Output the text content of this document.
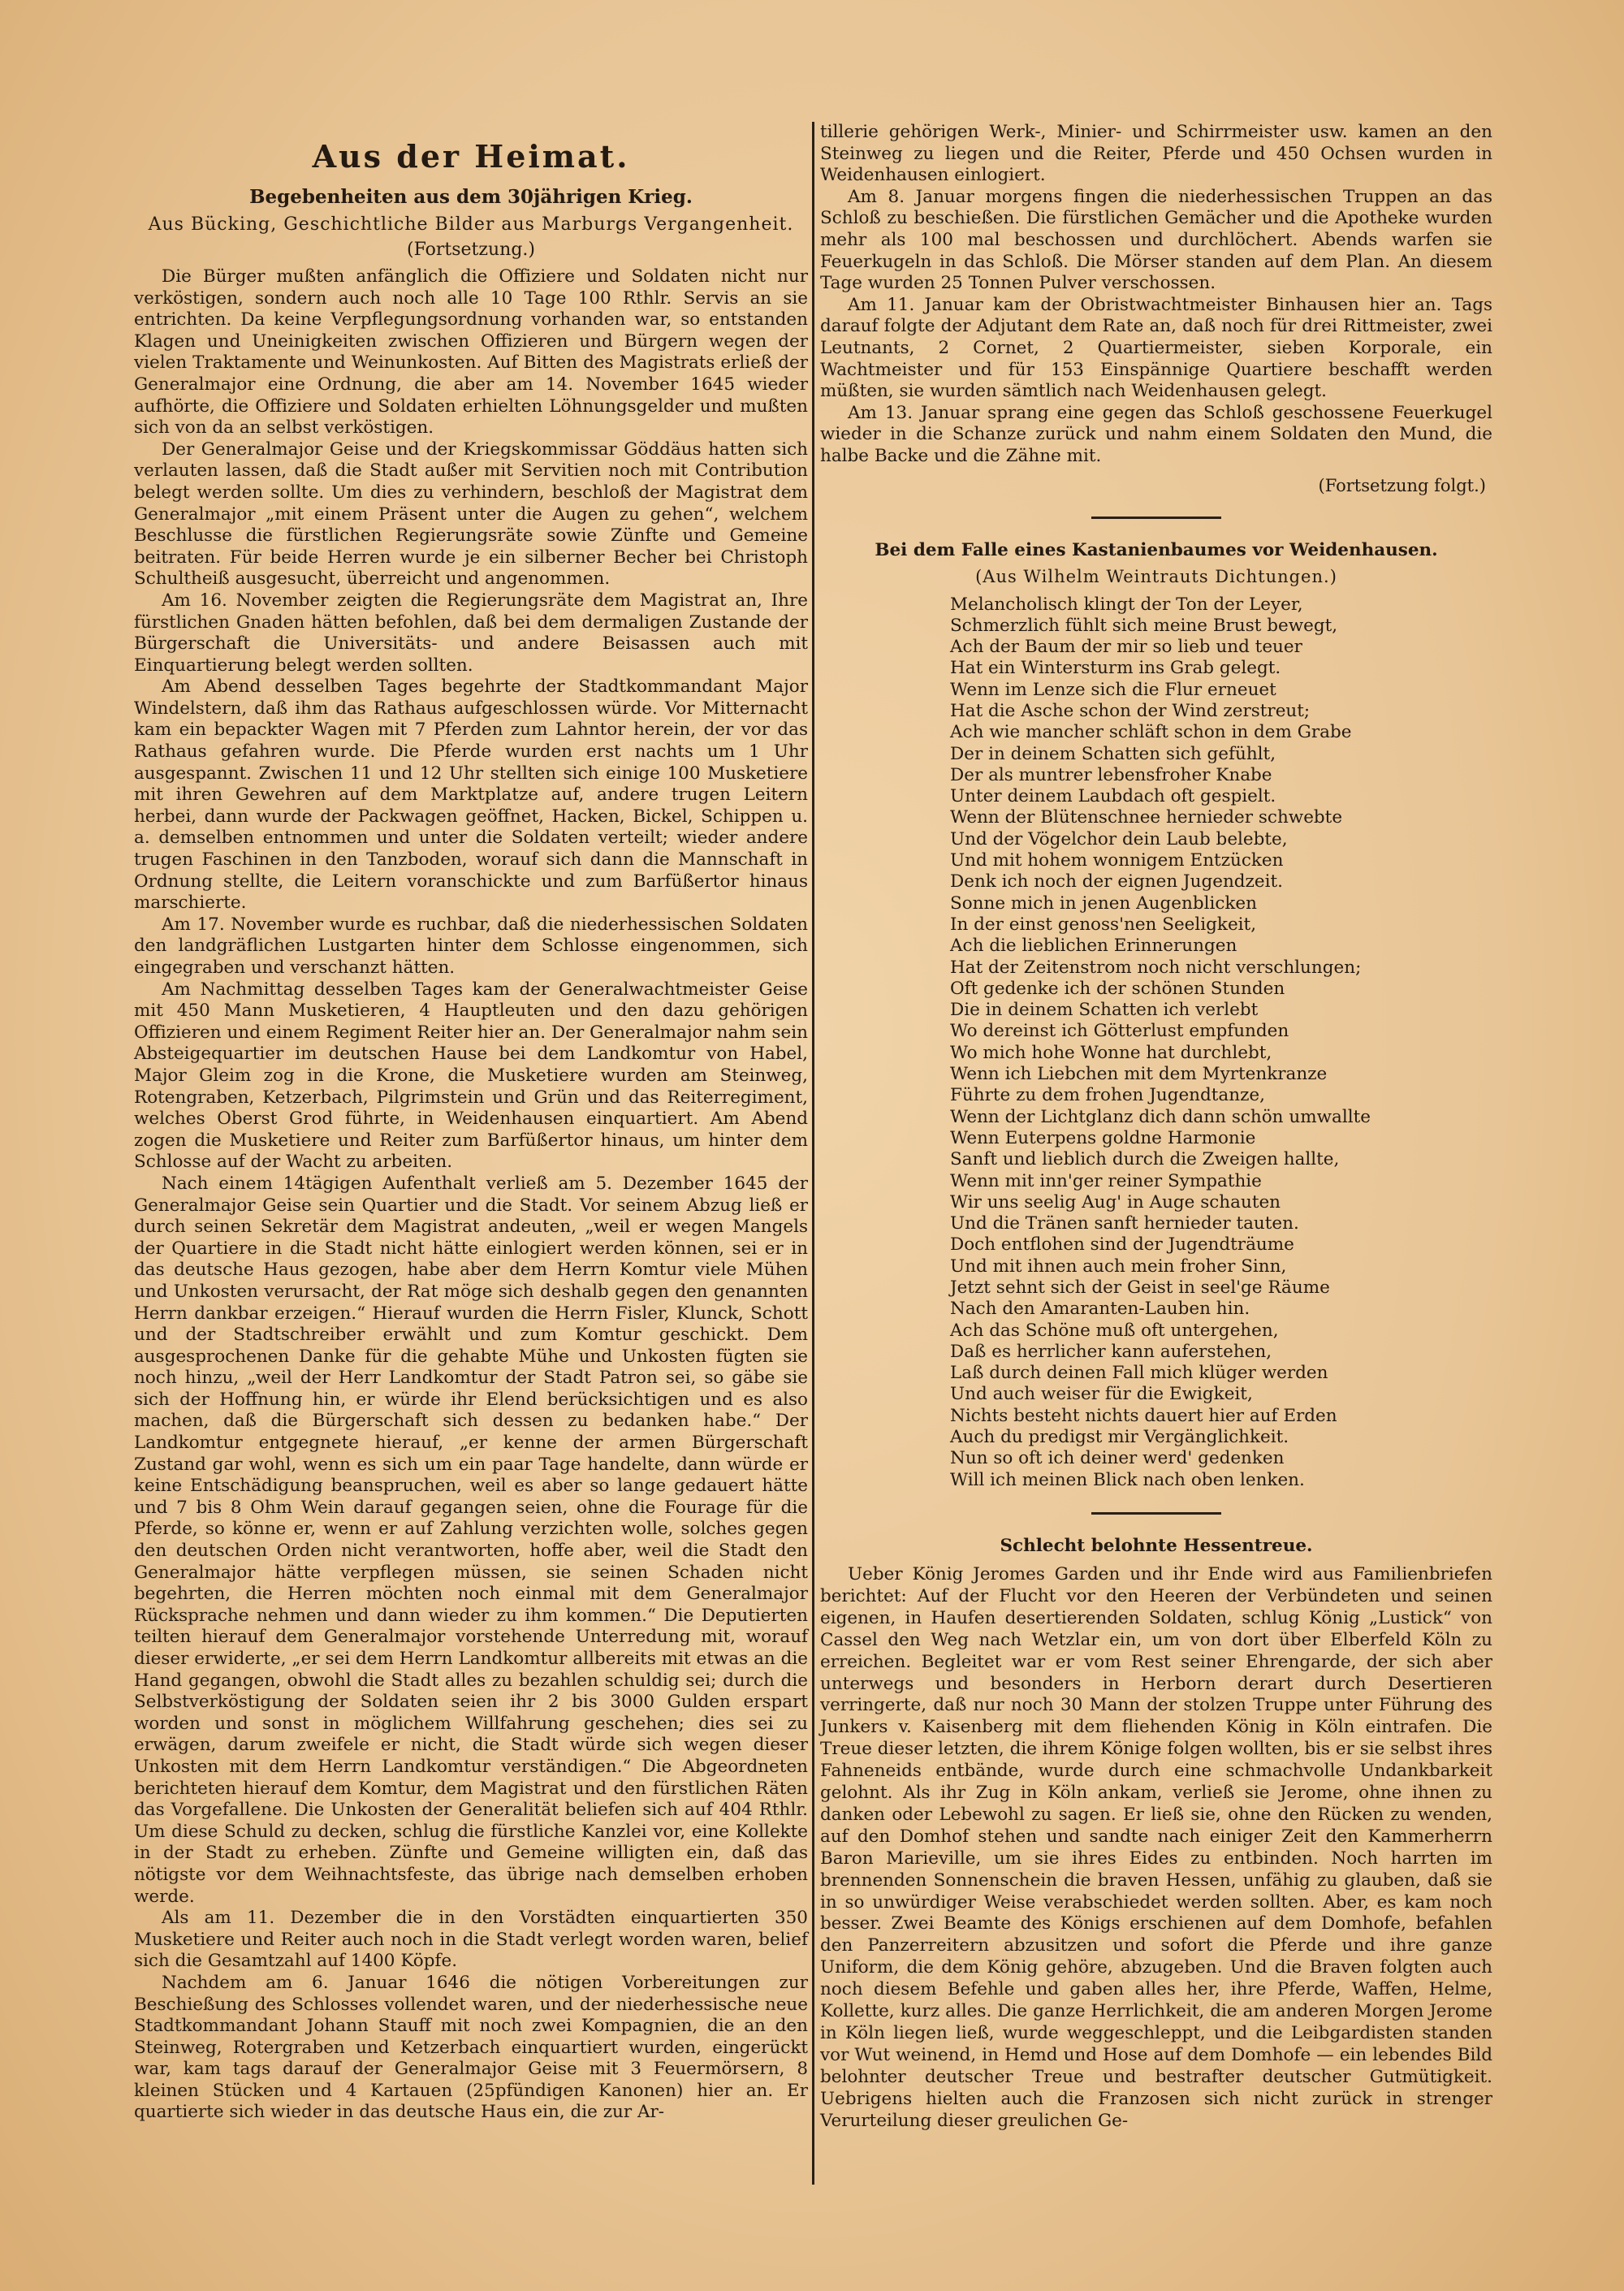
Aus der Heimat.
Begebenheiten aus dem 30jährigen Krieg.
Aus Bücking, Geschichtliche Bilder aus Marburgs Vergangenheit.
(Fortsetzung.)

Die Bürger mußten anfänglich die Offiziere und Soldaten nicht nur verköstigen, sondern auch noch alle 10 Tage 100 Rthlr. Servis an sie entrichten. Da keine Verpflegungsordnung vorhanden war, so entstanden Klagen und Uneinigkeiten zwischen Offizieren und Bürgern wegen der vielen Traktamente und Weinunkosten. Auf Bitten des Magistrats erließ der Generalmajor eine Ordnung, die aber am 14. November 1645 wieder aufhörte, die Offiziere und Soldaten erhielten Löhnungsgelder und mußten sich von da an selbst verköstigen.

Der Generalmajor Geise und der Kriegskommissar Göddäus hatten sich verlauten lassen, daß die Stadt außer mit Servitien noch mit Contribution belegt werden sollte. Um dies zu verhindern, beschloß der Magistrat dem Generalmajor „mit einem Präsent unter die Augen zu gehen“, welchem Beschlusse die fürstlichen Regierungsräte sowie Zünfte und Gemeine beitraten. Für beide Herren wurde je ein silberner Becher bei Christoph Schultheiß ausgesucht, überreicht und angenommen.

Am 16. November zeigten die Regierungsräte dem Magistrat an, Ihre fürstlichen Gnaden hätten befohlen, daß bei dem dermaligen Zustande der Bürgerschaft die Universitäts- und andere Beisassen auch mit Einquartierung belegt werden sollten.

Am Abend desselben Tages begehrte der Stadtkommandant Major Windelstern, daß ihm das Rathaus aufgeschlossen würde. Vor Mitternacht kam ein bepackter Wagen mit 7 Pferden zum Lahntor herein, der vor das Rathaus gefahren wurde. Die Pferde wurden erst nachts um 1 Uhr ausgespannt. Zwischen 11 und 12 Uhr stellten sich einige 100 Musketiere mit ihren Gewehren auf dem Marktplatze auf, andere trugen Leitern herbei, dann wurde der Packwagen geöffnet, Hacken, Bickel, Schippen u. a. demselben entnommen und unter die Soldaten verteilt; wieder andere trugen Faschinen in den Tanzboden, worauf sich dann die Mannschaft in Ordnung stellte, die Leitern voranschickte und zum Barfüßertor hinaus marschierte.

Am 17. November wurde es ruchbar, daß die niederhessischen Soldaten den landgräflichen Lustgarten hinter dem Schlosse eingenommen, sich eingegraben und verschanzt hätten.

Am Nachmittag desselben Tages kam der Generalwachtmeister Geise mit 450 Mann Musketieren, 4 Hauptleuten und den dazu gehörigen Offizieren und einem Regiment Reiter hier an. Der Generalmajor nahm sein Absteigequartier im deutschen Hause bei dem Landkomtur von Habel, Major Gleim zog in die Krone, die Musketiere wurden am Steinweg, Rotengraben, Ketzerbach, Pilgrimstein und Grün und das Reiterregiment, welches Oberst Grod führte, in Weidenhausen einquartiert. Am Abend zogen die Musketiere und Reiter zum Barfüßertor hinaus, um hinter dem Schlosse auf der Wacht zu arbeiten.

Nach einem 14tägigen Aufenthalt verließ am 5. Dezember 1645 der Generalmajor Geise sein Quartier und die Stadt. Vor seinem Abzug ließ er durch seinen Sekretär dem Magistrat andeuten, „weil er wegen Mangels der Quartiere in die Stadt nicht hätte einlogiert werden können, sei er in das deutsche Haus gezogen, habe aber dem Herrn Komtur viele Mühen und Unkosten verursacht, der Rat möge sich deshalb gegen den genannten Herrn dankbar erzeigen.“ Hierauf wurden die Herrn Fisler, Klunck, Schott und der Stadtschreiber erwählt und zum Komtur geschickt. Dem ausgesprochenen Danke für die gehabte Mühe und Unkosten fügten sie noch hinzu, „weil der Herr Landkomtur der Stadt Patron sei, so gäbe sie sich der Hoffnung hin, er würde ihr Elend berücksichtigen und es also machen, daß die Bürgerschaft sich dessen zu bedanken habe.“ Der Landkomtur entgegnete hierauf, „er kenne der armen Bürgerschaft Zustand gar wohl, wenn es sich um ein paar Tage handelte, dann würde er keine Entschädigung beanspruchen, weil es aber so lange gedauert hätte und 7 bis 8 Ohm Wein darauf gegangen seien, ohne die Fourage für die Pferde, so könne er, wenn er auf Zahlung verzichten wolle, solches gegen den deutschen Orden nicht verantworten, hoffe aber, weil die Stadt den Generalmajor hätte verpflegen müssen, sie seinen Schaden nicht begehrten, die Herren möchten noch einmal mit dem Generalmajor Rücksprache nehmen und dann wieder zu ihm kommen.“ Die Deputierten teilten hierauf dem Generalmajor vorstehende Unterredung mit, worauf dieser erwiderte, „er sei dem Herrn Landkomtur allbereits mit etwas an die Hand gegangen, obwohl die Stadt alles zu bezahlen schuldig sei; durch die Selbstverköstigung der Soldaten seien ihr 2 bis 3000 Gulden erspart worden und sonst in möglichem Willfahrung geschehen; dies sei zu erwägen, darum zweifele er nicht, die Stadt würde sich wegen dieser Unkosten mit dem Herrn Landkomtur verständigen.“ Die Abgeordneten berichteten hierauf dem Komtur, dem Magistrat und den fürstlichen Räten das Vorgefallene. Die Unkosten der Generalität beliefen sich auf 404 Rthlr. Um diese Schuld zu decken, schlug die fürstliche Kanzlei vor, eine Kollekte in der Stadt zu erheben. Zünfte und Gemeine willigten ein, daß das nötigste vor dem Weihnachtsfeste, das übrige nach demselben erhoben werde.

Als am 11. Dezember die in den Vorstädten einquartierten 350 Musketiere und Reiter auch noch in die Stadt verlegt worden waren, belief sich die Gesamtzahl auf 1400 Köpfe.

Nachdem am 6. Januar 1646 die nötigen Vorbereitungen zur Beschießung des Schlosses vollendet waren, und der niederhessische neue Stadtkommandant Johann Stauff mit noch zwei Kompagnien, die an den Steinweg, Rotergraben und Ketzerbach einquartiert wurden, eingerückt war, kam tags darauf der Generalmajor Geise mit 3 Feuermörsern, 8 kleinen Stücken und 4 Kartauen (25pfündigen Kanonen) hier an. Er quartierte sich wieder in das deutsche Haus ein, die zur Ar-

tillerie gehörigen Werk-, Minier- und Schirrmeister usw. kamen an den Steinweg zu liegen und die Reiter, Pferde und 450 Ochsen wurden in Weidenhausen einlogiert.

Am 8. Januar morgens fingen die niederhessischen Truppen an das Schloß zu beschießen. Die fürstlichen Gemächer und die Apotheke wurden mehr als 100 mal beschossen und durchlöchert. Abends warfen sie Feuerkugeln in das Schloß. Die Mörser standen auf dem Plan. An diesem Tage wurden 25 Tonnen Pulver verschossen.

Am 11. Januar kam der Obristwachtmeister Binhausen hier an. Tags darauf folgte der Adjutant dem Rate an, daß noch für drei Rittmeister, zwei Leutnants, 2 Cornet, 2 Quartiermeister, sieben Korporale, ein Wachtmeister und für 153 Einspännige Quartiere beschafft werden müßten, sie wurden sämtlich nach Weidenhausen gelegt.

Am 13. Januar sprang eine gegen das Schloß geschossene Feuerkugel wieder in die Schanze zurück und nahm einem Soldaten den Mund, die halbe Backe und die Zähne mit.

(Fortsetzung folgt.)
Bei dem Falle eines Kastanienbaumes vor Weidenhausen.
(Aus Wilhelm Weintrauts Dichtungen.)
Melancholisch klingt der Ton der Leyer,
Schmerzlich fühlt sich meine Brust bewegt,
Ach der Baum der mir so lieb und teuer
Hat ein Wintersturm ins Grab gelegt.
Wenn im Lenze sich die Flur erneuet
Hat die Asche schon der Wind zerstreut;
Ach wie mancher schläft schon in dem Grabe
Der in deinem Schatten sich gefühlt,
Der als muntrer lebensfroher Knabe
Unter deinem Laubdach oft gespielt.
Wenn der Blütenschnee hernieder schwebte
Und der Vögelchor dein Laub belebte,
Und mit hohem wonnigem Entzücken
Denk ich noch der eignen Jugendzeit.
Sonne mich in jenen Augenblicken
In der einst genoss'nen Seeligkeit,
Ach die lieblichen Erinnerungen
Hat der Zeitenstrom noch nicht verschlungen;
Oft gedenke ich der schönen Stunden
Die in deinem Schatten ich verlebt
Wo dereinst ich Götterlust empfunden
Wo mich hohe Wonne hat durchlebt,
Wenn ich Liebchen mit dem Myrtenkranze
Führte zu dem frohen Jugendtanze,
Wenn der Lichtglanz dich dann schön umwallte
Wenn Euterpens goldne Harmonie
Sanft und lieblich durch die Zweigen hallte,
Wenn mit inn'ger reiner Sympathie
Wir uns seelig Aug' in Auge schauten
Und die Tränen sanft hernieder tauten.
Doch entflohen sind der Jugendträume
Und mit ihnen auch mein froher Sinn,
Jetzt sehnt sich der Geist in seel'ge Räume
Nach den Amaranten-Lauben hin.
Ach das Schöne muß oft untergehen,
Daß es herrlicher kann auferstehen,
Laß durch deinen Fall mich klüger werden
Und auch weiser für die Ewigkeit,
Nichts besteht nichts dauert hier auf Erden
Auch du predigst mir Vergänglichkeit.
Nun so oft ich deiner werd' gedenken
Will ich meinen Blick nach oben lenken.
Schlecht belohnte Hessentreue.

Ueber König Jeromes Garden und ihr Ende wird aus Familienbriefen berichtet: Auf der Flucht vor den Heeren der Verbündeten und seinen eigenen, in Haufen desertierenden Soldaten, schlug König „Lustick“ von Cassel den Weg nach Wetzlar ein, um von dort über Elberfeld Köln zu erreichen. Begleitet war er vom Rest seiner Ehrengarde, der sich aber unterwegs und besonders in Herborn derart durch Desertieren verringerte, daß nur noch 30 Mann der stolzen Truppe unter Führung des Junkers v. Kaisenberg mit dem fliehenden König in Köln eintrafen. Die Treue dieser letzten, die ihrem Könige folgen wollten, bis er sie selbst ihres Fahneneids entbände, wurde durch eine schmachvolle Undankbarkeit gelohnt. Als ihr Zug in Köln ankam, verließ sie Jerome, ohne ihnen zu danken oder Lebewohl zu sagen. Er ließ sie, ohne den Rücken zu wenden, auf den Domhof stehen und sandte nach einiger Zeit den Kammerherrn Baron Marieville, um sie ihres Eides zu entbinden. Noch harrten im brennenden Sonnenschein die braven Hessen, unfähig zu glauben, daß sie in so unwürdiger Weise verabschiedet werden sollten. Aber, es kam noch besser. Zwei Beamte des Königs erschienen auf dem Domhofe, befahlen den Panzerreitern abzusitzen und sofort die Pferde und ihre ganze Uniform, die dem König gehöre, abzugeben. Und die Braven folgten auch noch diesem Befehle und gaben alles her, ihre Pferde, Waffen, Helme, Kollette, kurz alles. Die ganze Herrlichkeit, die am anderen Morgen Jerome in Köln liegen ließ, wurde weggeschleppt, und die Leibgardisten standen vor Wut weinend, in Hemd und Hose auf dem Domhofe — ein lebendes Bild belohnter deutscher Treue und bestrafter deutscher Gutmütigkeit. Uebrigens hielten auch die Franzosen sich nicht zurück in strenger Verurteilung dieser greulichen Ge-
